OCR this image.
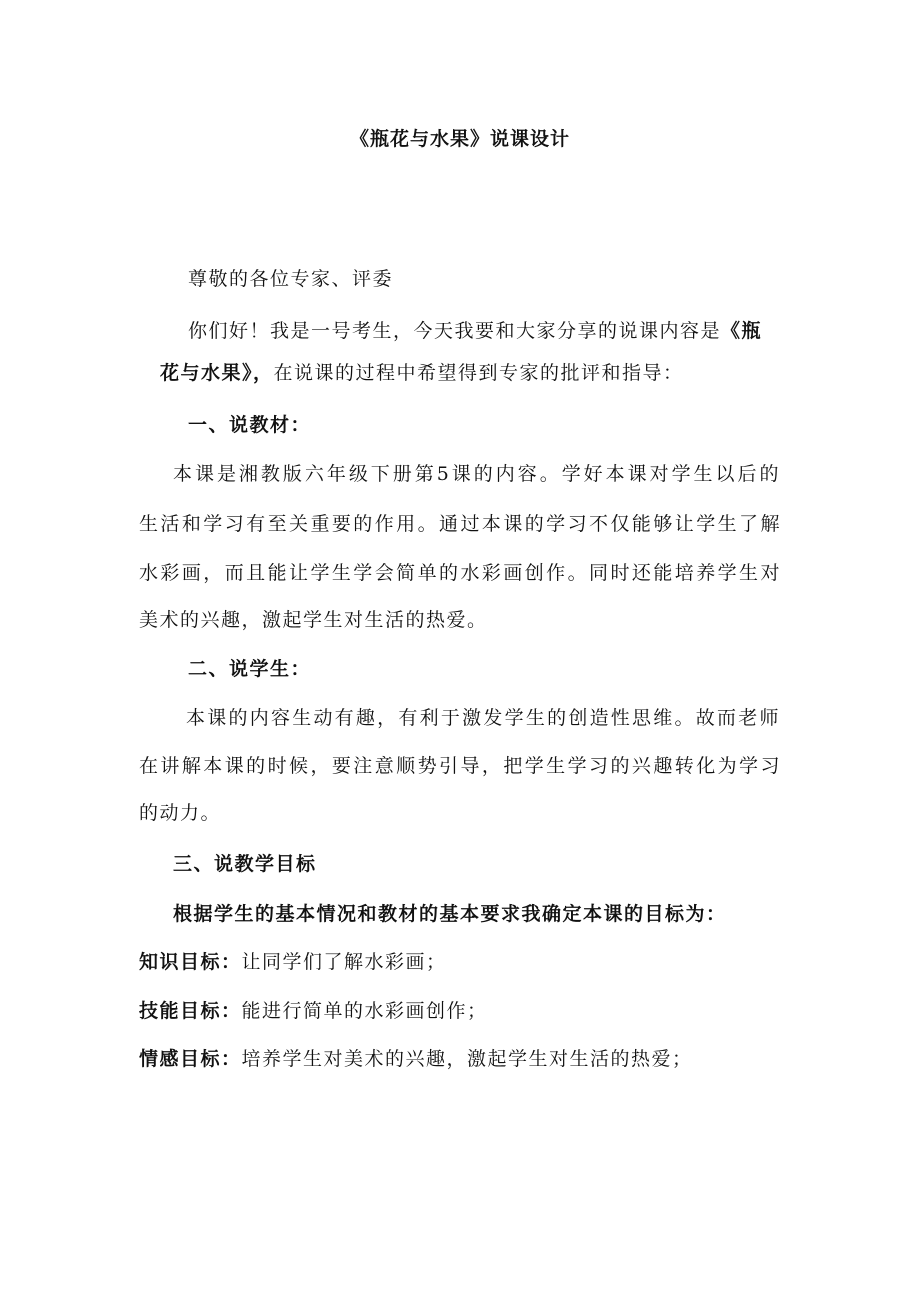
《瓶花与水果》说课设计
尊敬的各位专家、评委
你们好！我是一号考生，今天我要和大家分享的说课内容是《瓶
花与水果》，在说课的过程中希望得到专家的批评和指导：
一、说教材：
本课是湘教版六年级下册第5课的内容。学好本课对学生以后的
生活和学习有至关重要的作用。通过本课的学习不仅能够让学生了解
水彩画，而且能让学生学会简单的水彩画创作。同时还能培养学生对
美术的兴趣，激起学生对生活的热爱。
二、说学生：
本课的内容生动有趣，有利于激发学生的创造性思维。故而老师
在讲解本课的时候，要注意顺势引导，把学生学习的兴趣转化为学习
的动力。
三、说教学目标
根据学生的基本情况和教材的基本要求我确定本课的目标为：
知识目标：让同学们了解水彩画；
技能目标：能进行简单的水彩画创作；
情感目标：培养学生对美术的兴趣，激起学生对生活的热爱；
